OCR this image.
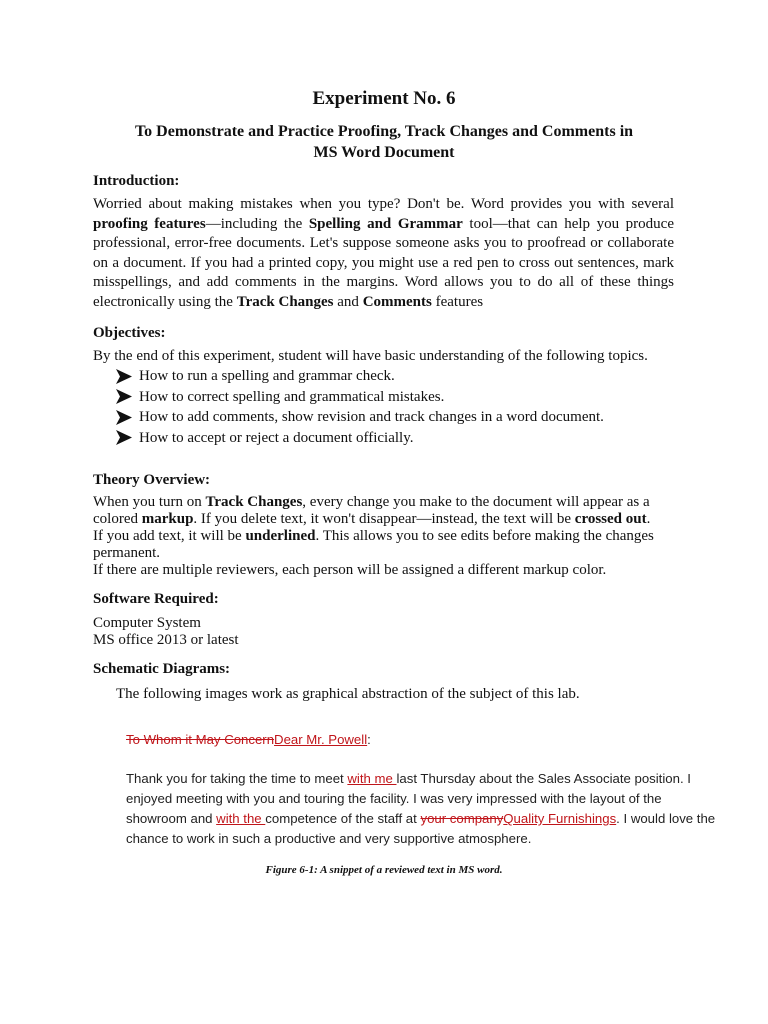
Experiment No. 6
To Demonstrate and Practice Proofing, Track Changes and Comments in
MS Word Document
Introduction:
Worried about making mistakes when you type? Don't be. Word provides you with several proofing features—including the Spelling and Grammar tool—that can help you produce professional, error-free documents. Let's suppose someone asks you to proofread or collaborate on a document. If you had a printed copy, you might use a red pen to cross out sentences, mark misspellings, and add comments in the margins. Word allows you to do all of these things electronically using the Track Changes and Comments features
Objectives:
By the end of this experiment, student will have basic understanding of the following topics.
How to run a spelling and grammar check.
How to correct spelling and grammatical mistakes.
How to add comments, show revision and track changes in a word document.
How to accept or reject a document officially.
Theory Overview:
When you turn on Track Changes, every change you make to the document will appear as a
colored markup. If you delete text, it won't disappear—instead, the text will be crossed out.
If you add text, it will be underlined. This allows you to see edits before making the changes
permanent.
If there are multiple reviewers, each person will be assigned a different markup color.
Software Required:
Computer System
MS office 2013 or latest
Schematic Diagrams:
The following images work as graphical abstraction of the subject of this lab.
To Whom it May ConcernDear Mr. Powell:
Thank you for taking the time to meet with me last Thursday about the Sales Associate position. I
enjoyed meeting with you and touring the facility. I was very impressed with the layout of the
showroom and with the competence of the staff at your companyQuality Furnishings. I would love the
chance to work in such a productive and very supportive atmosphere.
Figure 6-1: A snippet of a reviewed text in MS word.
